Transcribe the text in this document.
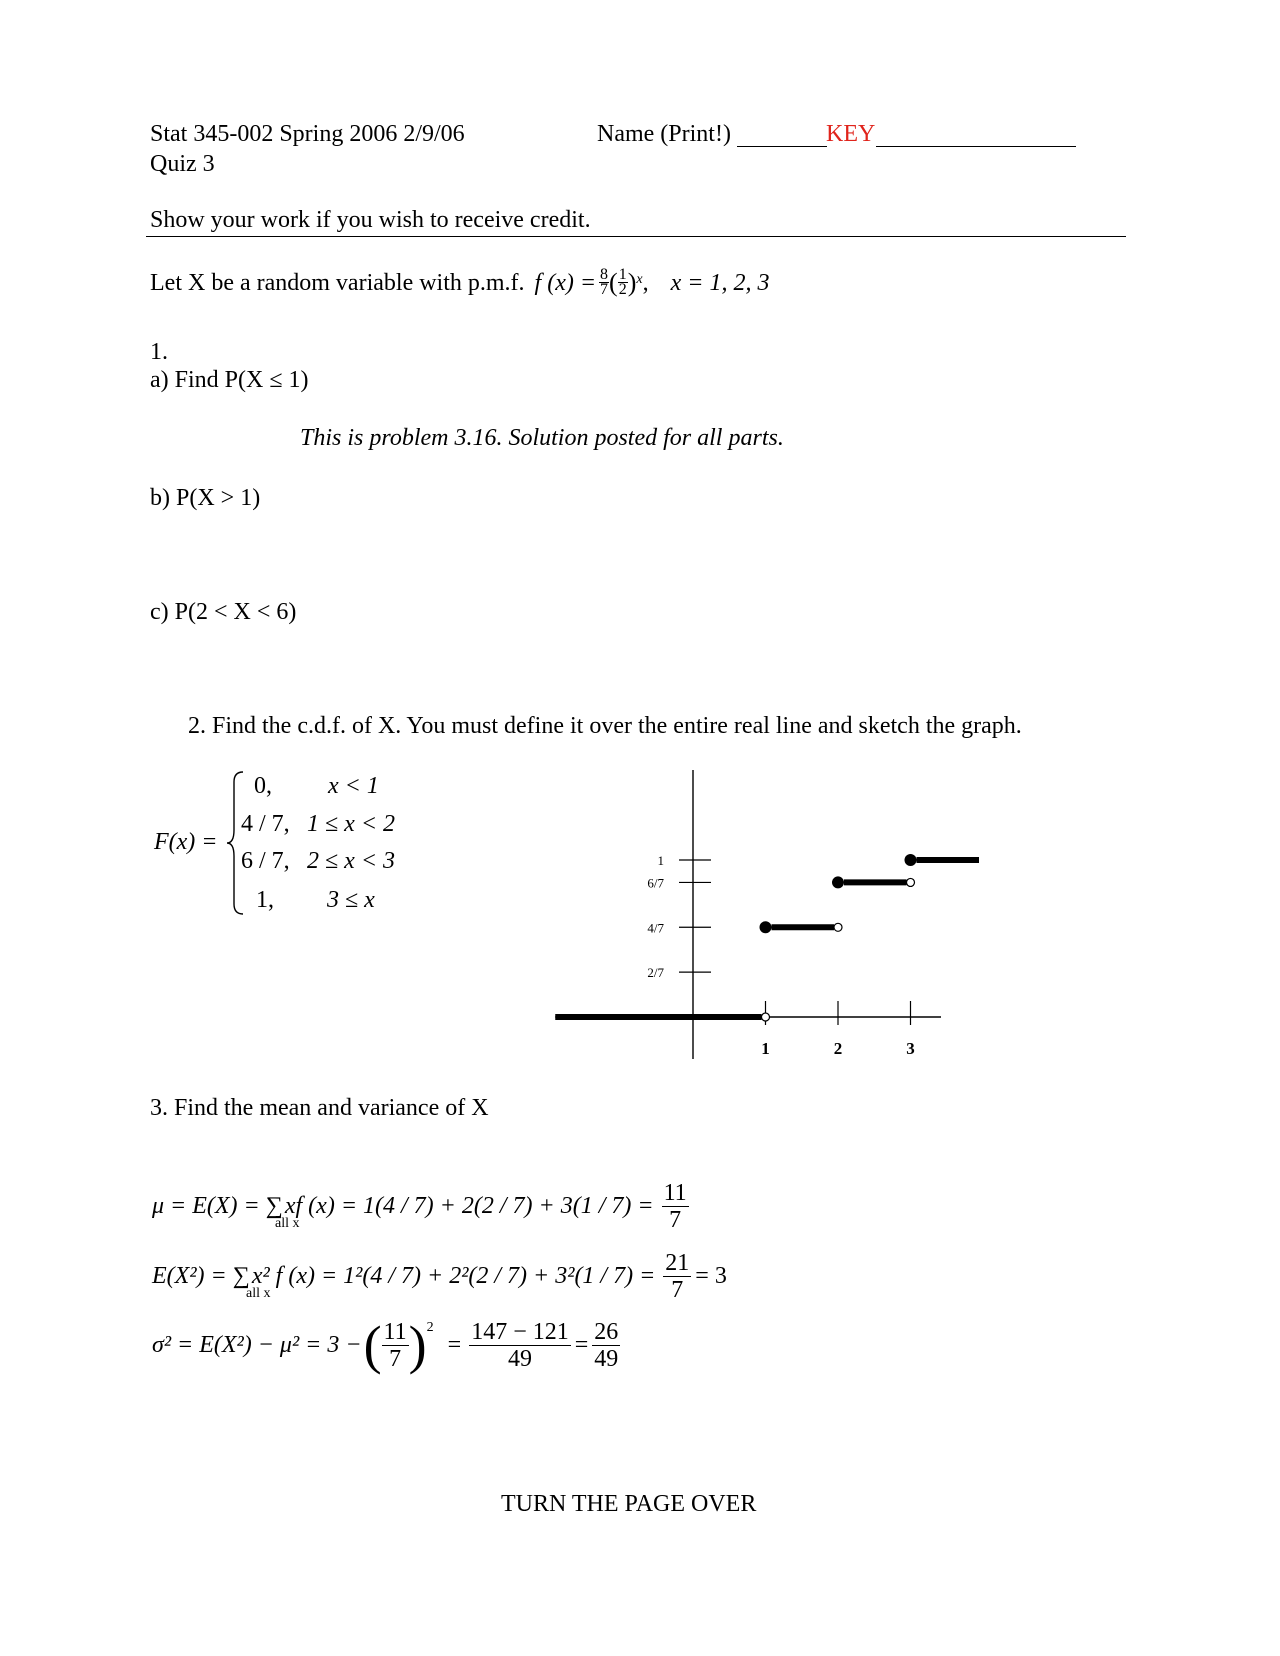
Stat 345-002 Spring 2006 2/9/06
Quiz 3
Name (Print!)	KEY
Show your work if you wish to receive credit.
Let X be a random variable with p.m.f. f $(x) = \frac{8}{7}$ ( $\frac{1}{2}$ ) x , x = 1, 2, 3
1.
a) Find P(X ≤ 1)
This is problem 3.16. Solution posted for all parts.
b) P(X > 1)
c) P(2 < X < 6)
2. Find the c.d.f. of X. You must define it over the entire real line and sketch the graph.
F(x) =
0, x < 1
4 / 7, 1 ≤ x < 2
6 / 7, 2 ≤ x < 3
1, 3 ≤ x
1	2	3
2/7
4/7
6/7
1
3. Find the mean and variance of X
μ = E(X) = ∑ xf $(x) = 1(4 / 7) + 2(2 / 7) + 3(1 / 7) = \frac{11}{7}$
all x
E(X²) = ∑ x² f $(x) = 1^2(4 / 7) + 2^2(2 / 7) + 3^2(1 / 7) = \frac{21}{7} = 3$
all x
σ² = E(X²) − μ² = 3 − ( $\frac{11}{7} )^2$
= $\frac{147 - 121}{49} = \frac{26}{49}$
TURN THE PAGE OVER
